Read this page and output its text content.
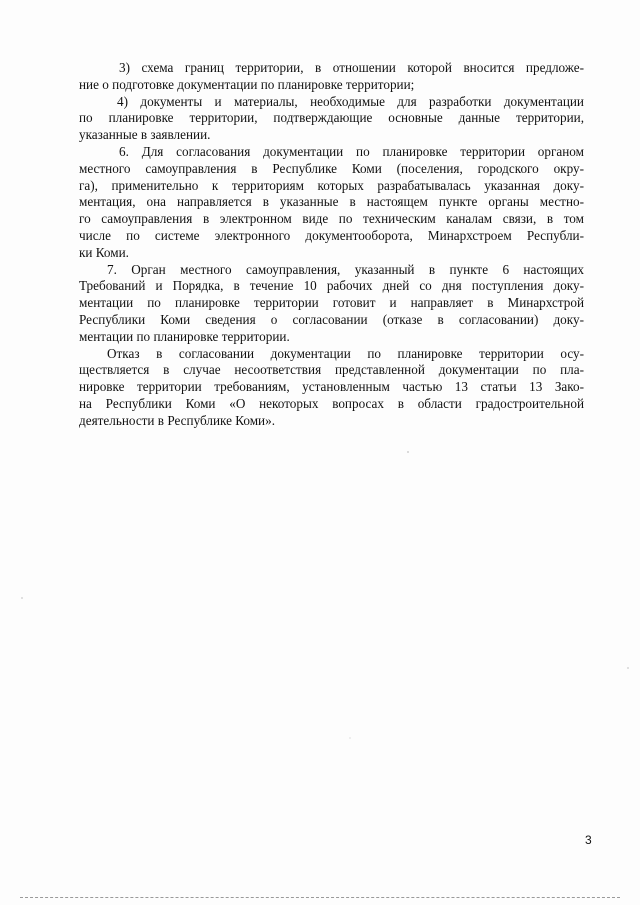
3) схема границ территории, в отношении которой вносится предложе-
ние о подготовке документации по планировке территории;
4) документы и материалы, необходимые для разработки документации
по планировке территории, подтверждающие основные данные территории,
указанные в заявлении.
6. Для согласования документации по планировке территории органом
местного самоуправления в Республике Коми (поселения, городского окру-
га), применительно к территориям которых разрабатывалась указанная доку-
ментация, она направляется в указанные в настоящем пункте органы местно-
го самоуправления в электронном виде по техническим каналам связи, в том
числе по системе электронного документооборота, Минархстроем Республи-
ки Коми.
7. Орган местного самоуправления, указанный в пункте 6 настоящих
Требований и Порядка, в течение 10 рабочих дней со дня поступления доку-
ментации по планировке территории готовит и направляет в Минархстрой
Республики Коми сведения о согласовании (отказе в согласовании) доку-
ментации по планировке территории.
Отказ в согласовании документации по планировке территории осу-
ществляется в случае несоответствия представленной документации по пла-
нировке территории требованиям, установленным частью 13 статьи 13 Зако-
на Республики Коми «О некоторых вопросах в области градостроительной
деятельности в Республике Коми».
3
